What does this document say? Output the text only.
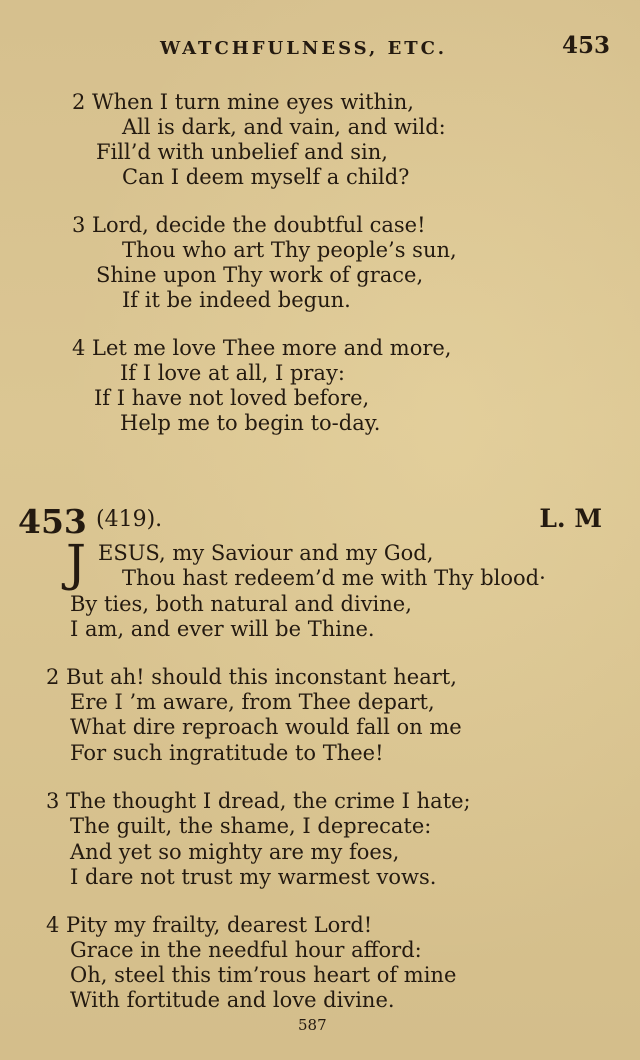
WATCHFULNESS, ETC.	453
2 When I turn mine eyes within,
All is dark, and vain, and wild:
Fill’d with unbelief and sin,
Can I deem myself a child?
3 Lord, decide the doubtful case!
Thou who art Thy people’s sun,
Shine upon Thy work of grace,
If it be indeed begun.
4 Let me love Thee more and more,
If I love at all, I pray:
If I have not loved before,
Help me to begin to-day.
453 (419).	L. M
J ESUS, my Saviour and my God,
Thou hast redeem’d me with Thy blood·
By ties, both natural and divine,
I am, and ever will be Thine.
2 But ah! should this inconstant heart,
Ere I ’m aware, from Thee depart,
What dire reproach would fall on me
For such ingratitude to Thee!
3 The thought I dread, the crime I hate;
The guilt, the shame, I deprecate:
And yet so mighty are my foes,
I dare not trust my warmest vows.
4 Pity my frailty, dearest Lord!
Grace in the needful hour afford:
Oh, steel this tim’rous heart of mine
With fortitude and love divine.
587
